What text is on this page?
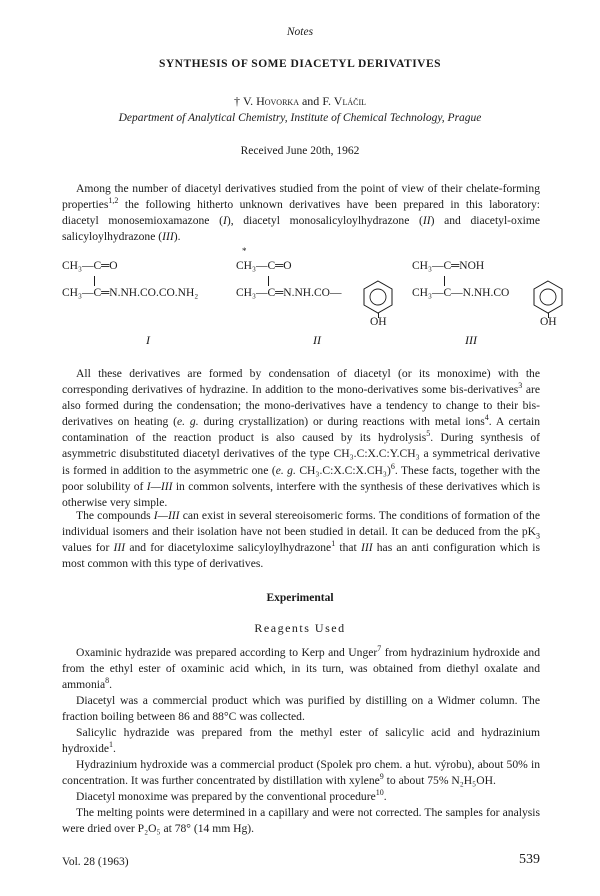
Notes
SYNTHESIS OF SOME DIACETYL DERIVATIVES
† V. Hovorka and F. Vláčil
Department of Analytical Chemistry, Institute of Chemical Technology, Prague
Received June 20th, 1962

Among the number of diacetyl derivatives studied from the point of view of their chelate-forming properties$^{1,2}$ the following hitherto unknown derivatives have been prepared in this laboratory: diacetyl monosemioxamazone (I), diacetyl monosalicyloylhydrazone (II) and diacetyl-oxime salicyloylhydrazone (III).

CH₃—C═O
CH₃—C═N.NH.CO.CO.NH₂
*
CH₃—C═O
CH₃—C═N.NH.CO—
OH
CH₃—C═NOH
CH₃—C—N.NH.CO
OH
I	II	III

All these derivatives are formed by condensation of diacetyl (or its monoxime) with the corresponding derivatives of hydrazine. In addition to the mono-derivatives some bis-derivatives$^3$ are also formed during the condensation; the mono-derivatives have a tendency to change to their bis-derivatives on heating (e. g. during crystallization) or during reactions with metal ions$^4$. A certain contamination of the reaction product is also caused by its hydrolysis$^5$. During synthesis of asymmetric disubstituted diacetyl derivatives of the type CH₃.C:X.C:Y.CH₃ a symmetrical derivative is formed in addition to the asymmetric one (e. g. CH₃.C:X.C:X.CH₃)$^6$. These facts, together with the poor solubility of I—III in common solvents, interfere with the synthesis of these derivatives which is otherwise very simple.

The compounds I—III can exist in several stereoisomeric forms. The conditions of formation of the individual isomers and their isolation have not been studied in detail. It can be deduced from the $pK_3$ values for III and for diacetyloxime salicyloylhydrazone$^1$ that III has an anti configuration which is most common with this type of derivatives.

Experimental
Reagents Used

Oxaminic hydrazide was prepared according to Kerp and Unger$^7$ from hydrazinium hydroxide and from the ethyl ester of oxaminic acid which, in its turn, was obtained from diethyl oxalate and ammonia$^8$.

Diacetyl was a commercial product which was purified by distilling on a Widmer column. The fraction boiling between 86 and 88°C was collected.

Salicylic hydrazide was prepared from the methyl ester of salicylic acid and hydrazinium hydroxide$^1$.

Hydrazinium hydroxide was a commercial product (Spolek pro chem. a hut. výrobu), about 50% in concentration. It was further concentrated by distillation with xylene$^9$ to about 75% N₂H₅OH.

Diacetyl monoxime was prepared by the conventional procedure$^{10}$.

The melting points were determined in a capillary and were not corrected. The samples for analysis were dried over P₂O₅ at 78° (14 mm Hg).

Vol. 28 (1963)	539
